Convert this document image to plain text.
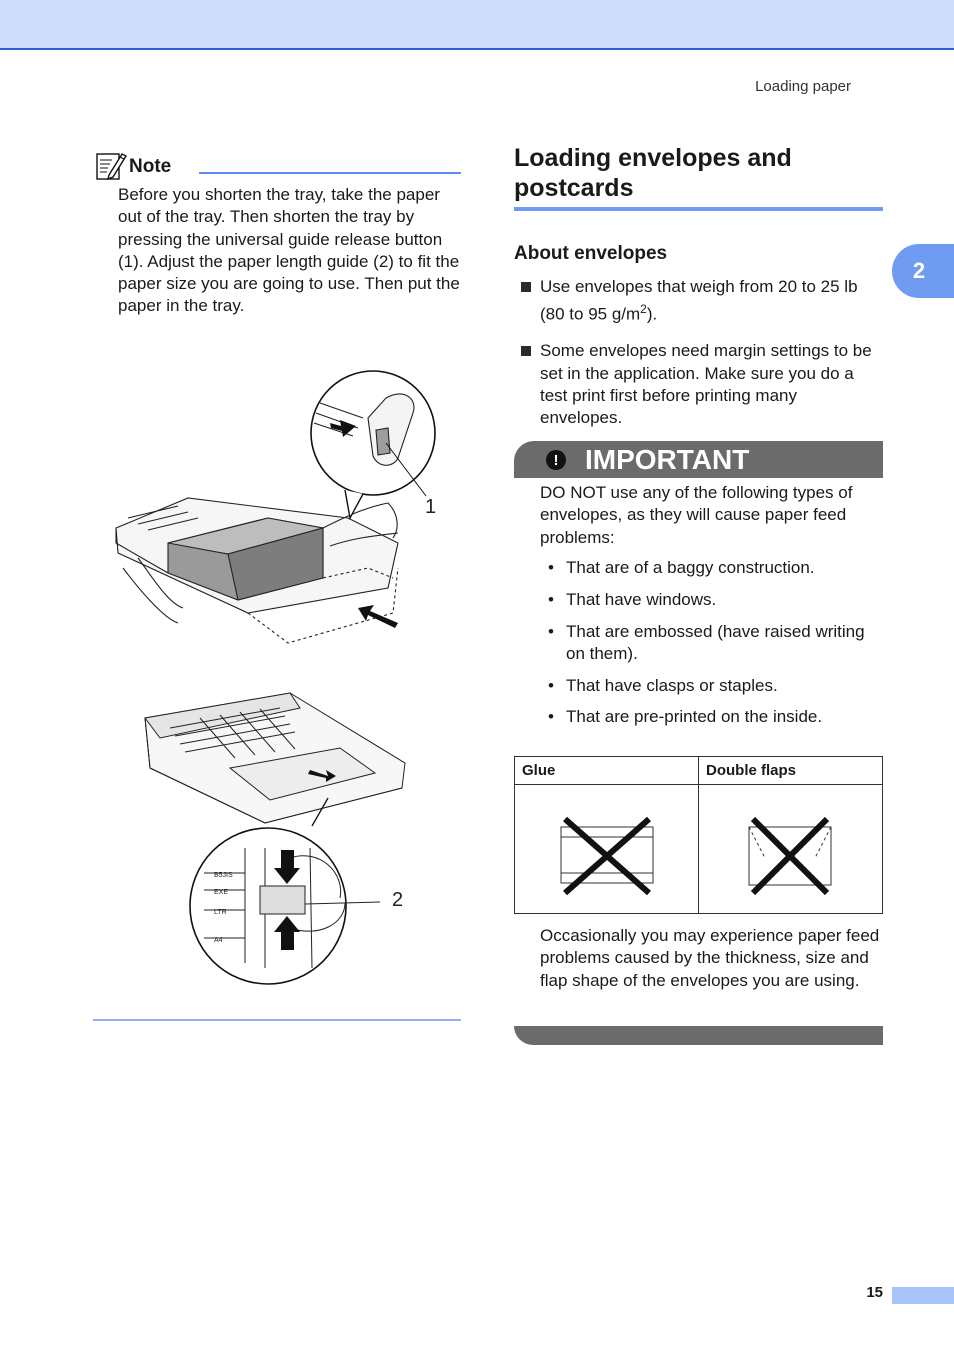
Loading paper
2
Note
Before you shorten the tray, take the paper out of the tray. Then shorten the tray by pressing the universal guide release button (1). Adjust the paper length guide (2) to fit the paper size you are going to use. Then put the paper in the tray.
1
B5JIS
EXE
LTR
A4
2
Loading envelopes and postcards
About envelopes
Use envelopes that weigh from 20 to 25 lb (80 to 95 $g/m^2$).
Some envelopes need margin settings to be set in the application. Make sure you do a test print first before printing many envelopes.
! IMPORTANT
DO NOT use any of the following types of envelopes, as they will cause paper feed problems:
• That are of a baggy construction.
• That have windows.
• That are embossed (have raised writing on them).
• That have clasps or staples.
• That are pre-printed on the inside.
Glue	Double flaps
Occasionally you may experience paper feed problems caused by the thickness, size and flap shape of the envelopes you are using.
15
